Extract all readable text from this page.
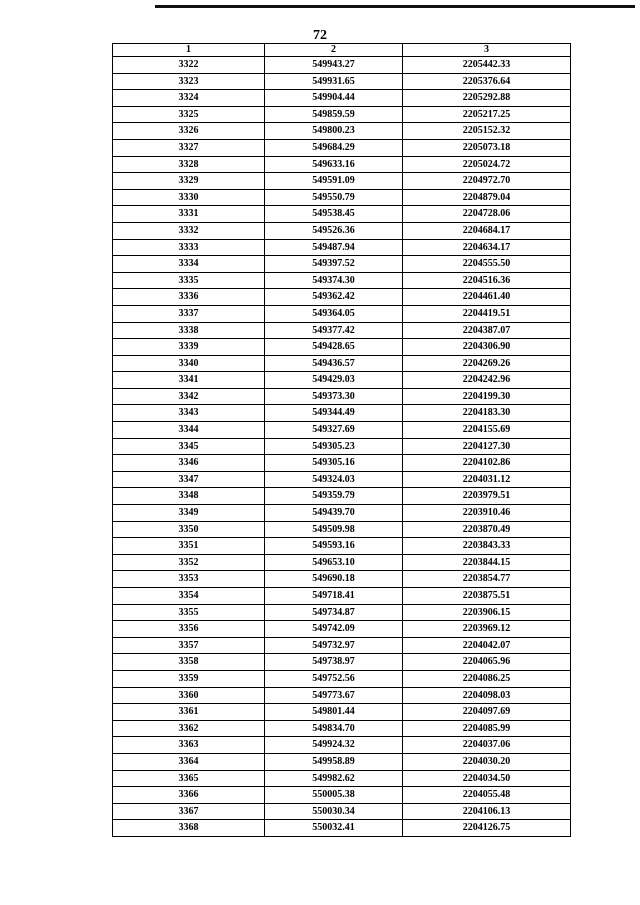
72
1	2	3
3322	549943.27	2205442.33
3323	549931.65	2205376.64
3324	549904.44	2205292.88
3325	549859.59	2205217.25
3326	549800.23	2205152.32
3327	549684.29	2205073.18
3328	549633.16	2205024.72
3329	549591.09	2204972.70
3330	549550.79	2204879.04
3331	549538.45	2204728.06
3332	549526.36	2204684.17
3333	549487.94	2204634.17
3334	549397.52	2204555.50
3335	549374.30	2204516.36
3336	549362.42	2204461.40
3337	549364.05	2204419.51
3338	549377.42	2204387.07
3339	549428.65	2204306.90
3340	549436.57	2204269.26
3341	549429.03	2204242.96
3342	549373.30	2204199.30
3343	549344.49	2204183.30
3344	549327.69	2204155.69
3345	549305.23	2204127.30
3346	549305.16	2204102.86
3347	549324.03	2204031.12
3348	549359.79	2203979.51
3349	549439.70	2203910.46
3350	549509.98	2203870.49
3351	549593.16	2203843.33
3352	549653.10	2203844.15
3353	549690.18	2203854.77
3354	549718.41	2203875.51
3355	549734.87	2203906.15
3356	549742.09	2203969.12
3357	549732.97	2204042.07
3358	549738.97	2204065.96
3359	549752.56	2204086.25
3360	549773.67	2204098.03
3361	549801.44	2204097.69
3362	549834.70	2204085.99
3363	549924.32	2204037.06
3364	549958.89	2204030.20
3365	549982.62	2204034.50
3366	550005.38	2204055.48
3367	550030.34	2204106.13
3368	550032.41	2204126.75
